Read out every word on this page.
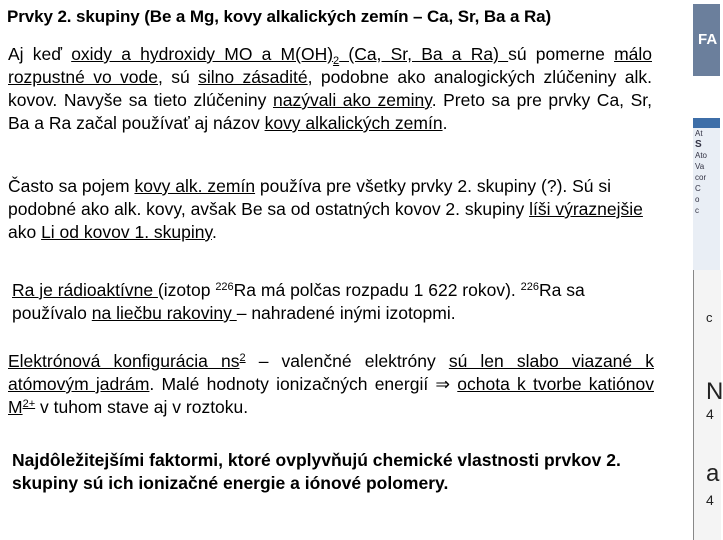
Prvky 2. skupiny (Be a Mg, kovy alkalických zemín – Ca, Sr, Ba a Ra)
Aj keď oxidy a hydroxidy MO a $M(OH)_2$ (Ca, Sr, Ba a Ra) sú pomerne málo rozpustné vo vode, sú silno zásadité, podobne ako analogických zlúčeniny alk. kovov. Navyše sa tieto zlúčeniny nazývali ako zeminy. Preto sa pre prvky Ca, Sr, Ba a Ra začal používať aj názov kovy alkalických zemín.
Často sa pojem kovy alk. zemín používa pre všetky prvky 2. skupiny (?). Sú si podobné ako alk. kovy, avšak Be sa od ostatných kovov 2. skupiny líši výraznejšie ako Li od kovov 1. skupiny.
Ra je rádioaktívne (izotop $^{226}$Ra má polčas rozpadu 1 622 rokov). $^{226}$Ra sa používalo na liečbu rakoviny – nahradené inými izotopmi.
Elektrónová konfigurácia $ns^2$ – valenčné elektróny sú len slabo viazané k atómovým jadrám. Malé hodnoty ionizačných energií ⇒ ochota k tvorbe katiónov $M^{2+}$ v tuhom stave aj v roztoku.
Najdôležitejšími faktormi, ktoré ovplyvňujú chemické vlastnosti prvkov 2. skupiny sú ich ionizačné energie a iónové polomery.
FA
At
S
Ato
Va
cor
C
o
c
c
N
4
a
4
